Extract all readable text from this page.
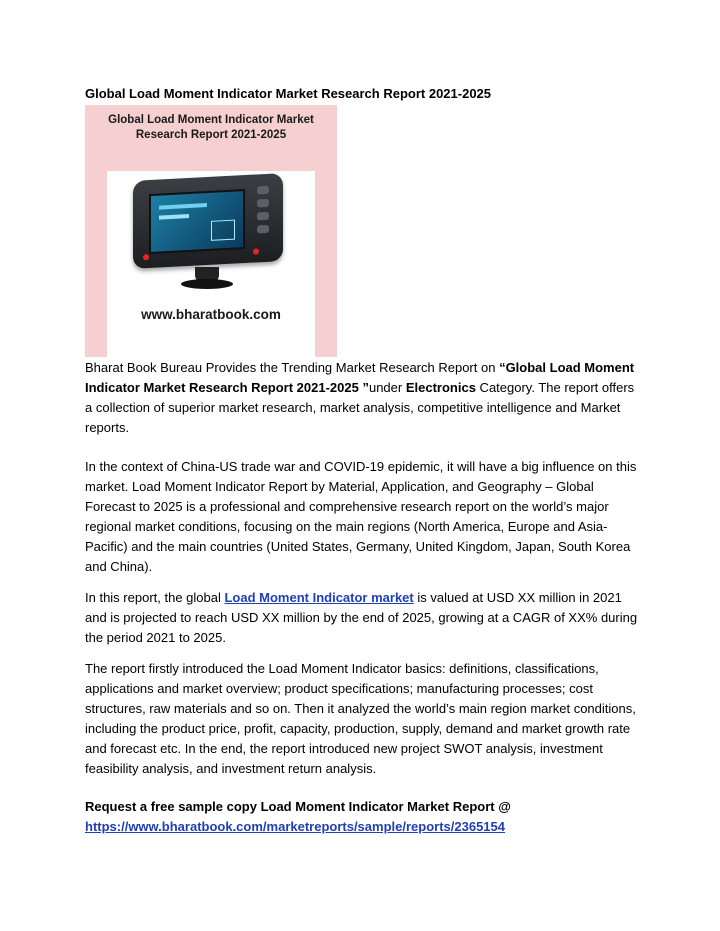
Global Load Moment Indicator Market Research Report 2021-2025
Global Load Moment Indicator Market
Research Report 2021-2025
www.bharatbook.com

Bharat Book Bureau Provides the Trending Market Research Report on “Global Load Moment Indicator Market Research Report 2021-2025 ”under Electronics Category. The report offers a collection of superior market research, market analysis, competitive intelligence and Market reports.

In the context of China-US trade war and COVID-19 epidemic, it will have a big influence on this market. Load Moment Indicator Report by Material, Application, and Geography – Global Forecast to 2025 is a professional and comprehensive research report on the world’s major regional market conditions, focusing on the main regions (North America, Europe and Asia-Pacific) and the main countries (United States, Germany, United Kingdom, Japan, South Korea and China).

In this report, the global Load Moment Indicator market is valued at USD XX million in 2021 and is projected to reach USD XX million by the end of 2025, growing at a CAGR of XX% during the period 2021 to 2025.

The report firstly introduced the Load Moment Indicator basics: definitions, classifications, applications and market overview; product specifications; manufacturing processes; cost structures, raw materials and so on. Then it analyzed the world’s main region market conditions, including the product price, profit, capacity, production, supply, demand and market growth rate and forecast etc. In the end, the report introduced new project SWOT analysis, investment feasibility analysis, and investment return analysis.

Request a free sample copy Load Moment Indicator Market Report @
https://www.bharatbook.com/marketreports/sample/reports/2365154
